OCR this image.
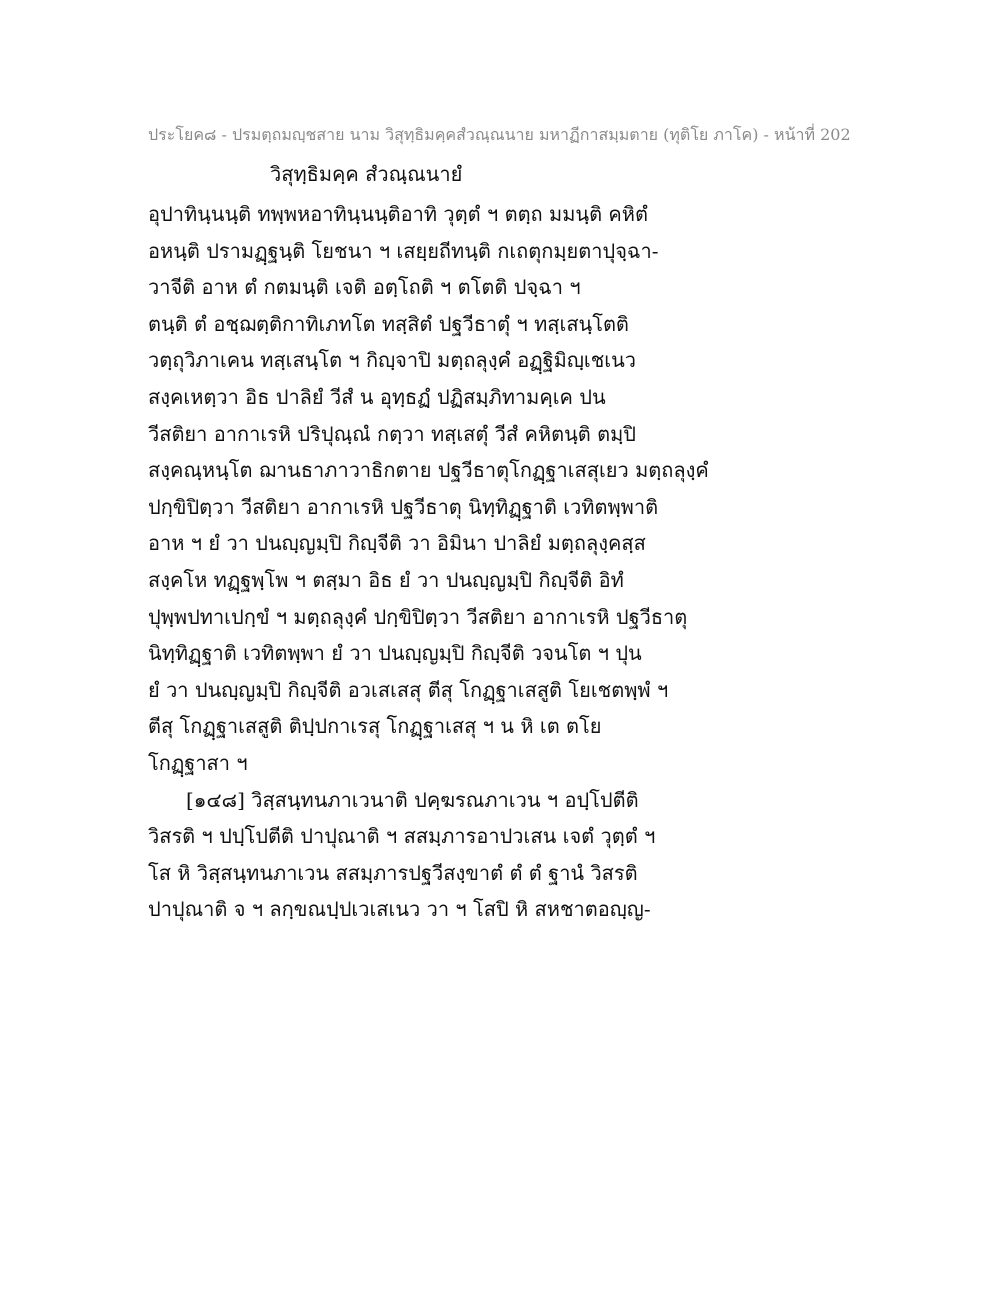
ประโยค๘ - ปรมตฺถมญฺชสาย นาม วิสุทฺธิมคฺคสํวณฺณนาย มหาฏีกาสมฺมตาย (ทุติโย ภาโค) - หน้าที่ 202
วิสุทฺธิมคฺค สํวณฺณนายํ
อุปาทินฺนนฺติ ทพฺพหอาทินฺนนฺติอาทิ วุตฺตํ ฯ ตตฺถ มมนฺติ คหิตํ
อหนฺติ ปรามฏฺฐนฺติ โยชนา ฯ เสยฺยถีทนฺติ กเถตุกมฺยตาปุจฺฉา-
วาจีติ อาห ตํ กตมนฺติ เจติ อตฺโถติ ฯ ตโตติ ปจฺฉา ฯ
ตนฺติ ตํ อชฺฌตฺติกาทิเภทโต ทสฺสิตํ ปฐวีธาตุํ ฯ ทสฺเสนฺโตติ
วตฺถุวิภาเคน ทสฺเสนฺโต ฯ กิญฺจาปิ มตฺถลุงฺคํ อฏฺฐิมิญฺเชเนว
สงฺคเหตฺวา อิธ ปาลิยํ วีสํ น อุทฺธฏํ ปฏิสมฺภิทามคฺเค ปน
วีสติยา อากาเรหิ ปริปุณฺณํ กตฺวา ทสฺเสตุํ วีสํ คหิตนฺติ ตมฺปิ
สงฺคณฺหนฺโต ฌานธาภาวาธิกตาย ปฐวีธาตุโกฏฺฐาเสสุเยว มตฺถลุงฺคํ
ปกฺขิปิตฺวา วีสติยา อากาเรหิ ปฐวีธาตุ นิทฺทิฏฺฐาติ เวทิตพฺพาติ
อาห ฯ ยํ วา ปนญฺญมฺปิ กิญฺจีติ วา อิมินา ปาลิยํ มตฺถลุงฺคสฺส
สงฺคโห ทฏฺฐพฺโพ ฯ ตสฺมา อิธ ยํ วา ปนญฺญมฺปิ กิญฺจีติ อิทํ
ปุพฺพปทาเปกฺขํ ฯ มตฺถลุงฺคํ ปกฺขิปิตฺวา วีสติยา อากาเรหิ ปฐวีธาตุ
นิทฺทิฏฺฐาติ เวทิตพฺพา ยํ วา ปนญฺญมฺปิ กิญฺจีติ วจนโต ฯ ปุน
ยํ วา ปนญฺญมฺปิ กิญฺจีติ อวเสเสสุ ตีสุ โกฏฺฐาเสสูติ โยเชตพฺพํ ฯ
ตีสุ โกฏฺฐาเสสูติ ติปฺปกาเรสุ โกฏฺฐาเสสุ ฯ น หิ เต ตโย
โกฏฺฐาสา ฯ
[๑๔๘] วิสฺสนฺทนภาเวนาติ ปคฺฆรณภาเวน ฯ อปฺโปตีติ
วิสรติ ฯ ปปฺโปตีติ ปาปุณาติ ฯ สสมฺภารอาปวเสน เจตํ วุตฺตํ ฯ
โส หิ วิสฺสนฺทนภาเวน สสมฺภารปฐวีสงฺขาตํ ตํ ตํ ฐานํ วิสรติ
ปาปุณาติ จ ฯ ลกฺขณปฺปเวเสเนว วา ฯ โสปิ หิ สหชาตอญฺญ-
